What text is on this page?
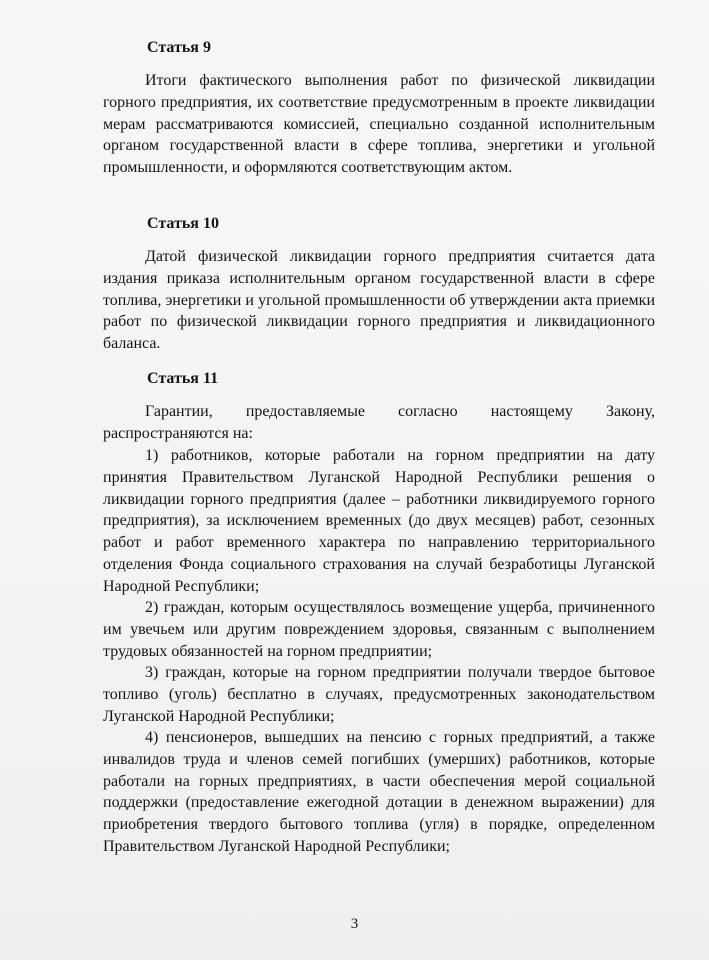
Статья 9

Итоги фактического выполнения работ по физической ликвидации горного предприятия, их соответствие предусмотренным в проекте ликвидации мерам рассматриваются комиссией, специально созданной исполнительным органом государственной власти в сфере топлива, энергетики и угольной промышленности, и оформляются соответствующим актом.

Статья 10

Датой физической ликвидации горного предприятия считается дата издания приказа исполнительным органом государственной власти в сфере топлива, энергетики и угольной промышленности об утверждении акта приемки работ по физической ликвидации горного предприятия и ликвидационного баланса.

Статья 11

Гарантии, предоставляемые согласно настоящему Закону, распространяются на:

1) работников, которые работали на горном предприятии на дату принятия Правительством Луганской Народной Республики решения о ликвидации горного предприятия (далее – работники ликвидируемого горного предприятия), за исключением временных (до двух месяцев) работ, сезонных работ и работ временного характера по направлению территориального отделения Фонда социального страхования на случай безработицы Луганской Народной Республики;

2) граждан, которым осуществлялось возмещение ущерба, причиненного им увечьем или другим повреждением здоровья, связанным с выполнением трудовых обязанностей на горном предприятии;

3) граждан, которые на горном предприятии получали твердое бытовое топливо (уголь) бесплатно в случаях, предусмотренных законодательством Луганской Народной Республики;

4) пенсионеров, вышедших на пенсию с горных предприятий, а также инвалидов труда и членов семей погибших (умерших) работников, которые работали на горных предприятиях, в части обеспечения мерой социальной поддержки (предоставление ежегодной дотации в денежном выражении) для приобретения твердого бытового топлива (угля) в порядке, определенном Правительством Луганской Народной Республики;

3
